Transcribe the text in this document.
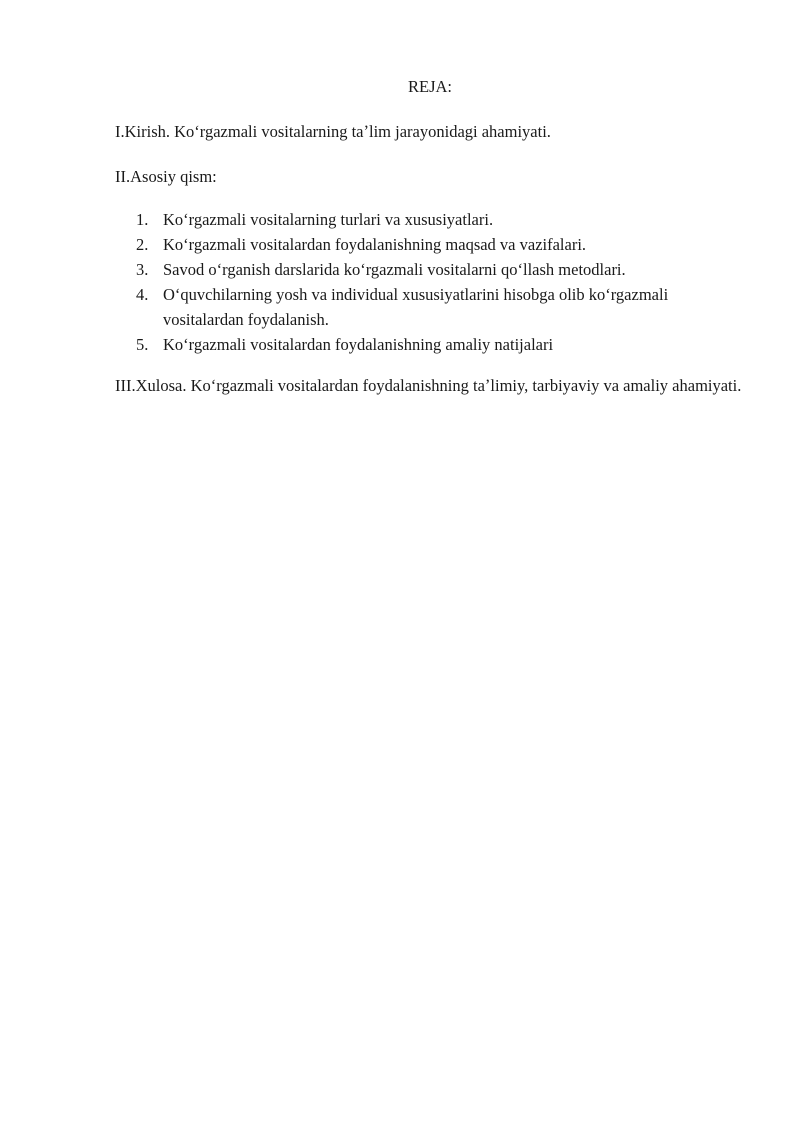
REJA:

I.Kirish. Koʻrgazmali vositalarning taʼlim jarayonidagi ahamiyati.

II.Asosiy qism:

1. Koʻrgazmali vositalarning turlari va xususiyatlari.
2. Koʻrgazmali vositalardan foydalanishning maqsad va vazifalari.
3. Savod oʻrganish darslarida koʻrgazmali vositalarni qoʻllash metodlari.
4. Oʻquvchilarning yosh va individual xususiyatlarini hisobga olib koʻrgazmali vositalardan foydalanish.
5. Koʻrgazmali vositalardan foydalanishning amaliy natijalari

III.Xulosa. Koʻrgazmali vositalardan foydalanishning taʼlimiy, tarbiyaviy va amaliy ahamiyati.
